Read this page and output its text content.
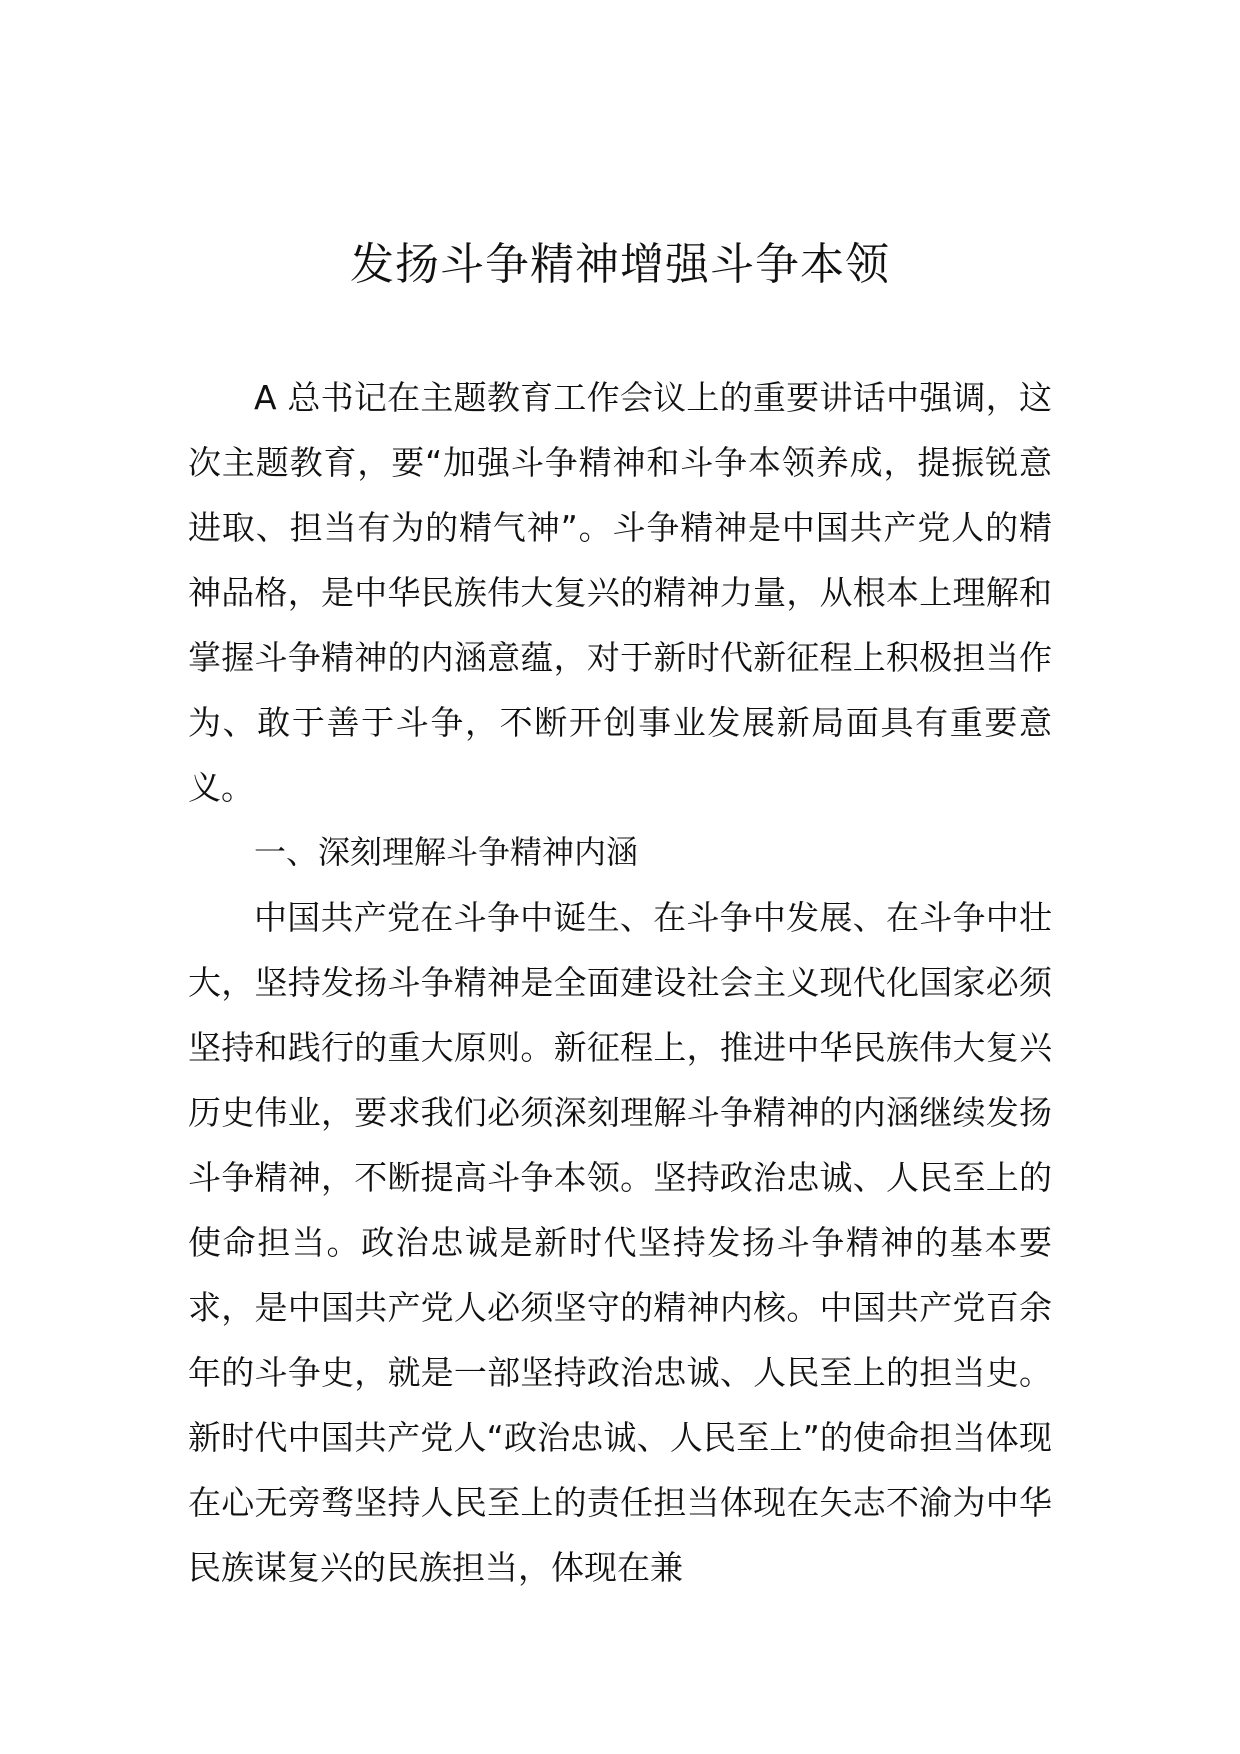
发扬斗争精神增强斗争本领

A 总书记在主题教育工作会议上的重要讲话中强调，这次主题教育，要“加强斗争精神和斗争本领养成，提振锐意进取、担当有为的精气神”。斗争精神是中国共产党人的精神品格，是中华民族伟大复兴的精神力量，从根本上理解和掌握斗争精神的内涵意蕴，对于新时代新征程上积极担当作为、敢于善于斗争，不断开创事业发展新局面具有重要意义。

一、深刻理解斗争精神内涵

中国共产党在斗争中诞生、在斗争中发展、在斗争中壮大，坚持发扬斗争精神是全面建设社会主义现代化国家必须坚持和践行的重大原则。新征程上，推进中华民族伟大复兴历史伟业，要求我们必须深刻理解斗争精神的内涵继续发扬斗争精神，不断提高斗争本领。坚持政治忠诚、人民至上的使命担当。政治忠诚是新时代坚持发扬斗争精神的基本要求，是中国共产党人必须坚守的精神内核。中国共产党百余年的斗争史，就是一部坚持政治忠诚、人民至上的担当史。新时代中国共产党人“政治忠诚、人民至上”的使命担当体现在心无旁骛坚持人民至上的责任担当体现在矢志不渝为中华民族谋复兴的民族担当，体现在兼
